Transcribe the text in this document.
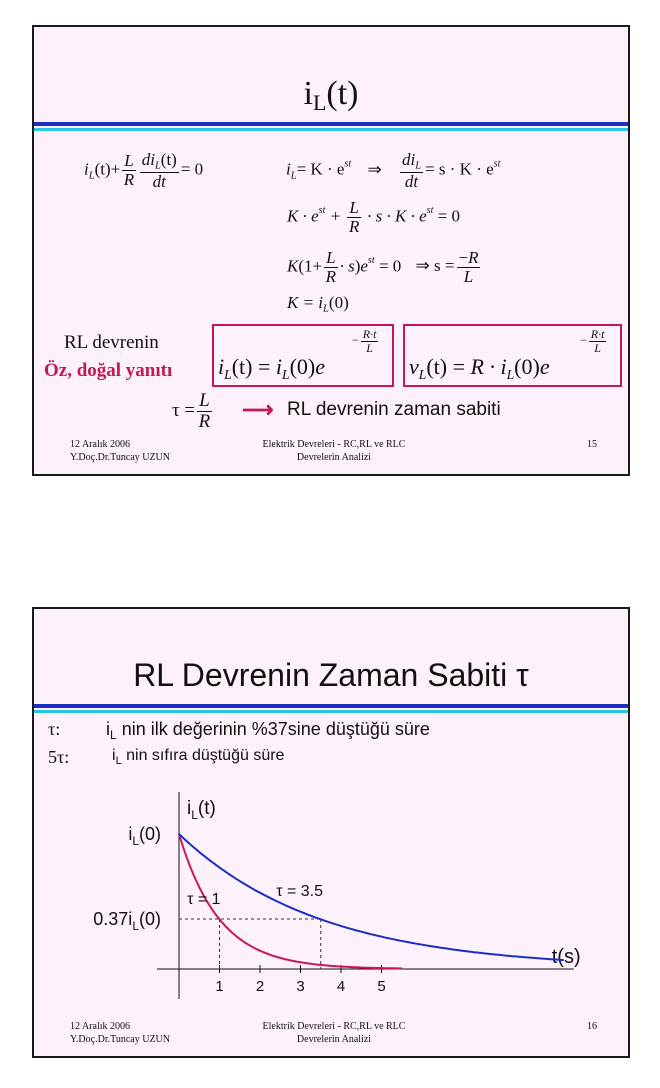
iL(t)
$i_L(t)+ \frac{L}{R} \frac{di_L(t)}{dt} = 0$	$i_L= K \cdot e^{st}$ ⇒ $\frac{di_L}{dt} = s \cdot K \cdot e^{st}$
$K \cdot e^{st} + \frac{L}{R} \cdot s \cdot K \cdot e^{st} = 0$
$K(1+ \frac{L}{R} \cdot s)e^{st} = 0$ ⇒ $s = \frac{-R}{L}$
$K = i_L(0)$
RL devrenin
Öz, doğal yanıtı $i_L(t) = i_L(0)e$
− $\frac{R\cdot t}{L}$
$v_L(t) = R \cdot i_L(0)e$
− $\frac{R\cdot t}{L}$
$\tau = \frac{L}{R}$ ⟶ RL devrenin zaman sabiti
12 Aralık 2006
Y.Doç.Dr.Tuncay UZUN
Elektrik Devreleri - RC,RL ve RLC
Devrelerin Analizi
15
RL Devrenin Zaman Sabiti τ
τ:	$i_L$ nin ilk değerinin %37sine düştüğü süre
5τ:	$i_L$ nin sıfıra düştüğü süre
1 2 3 4 5
$i_L(0)$
$0.37i_L(0)$
$i_L(t)$
t(s)
τ = 1	τ = 3.5
12 Aralık 2006
Y.Doç.Dr.Tuncay UZUN
Elektrik Devreleri - RC,RL ve RLC
Devrelerin Analizi
16
